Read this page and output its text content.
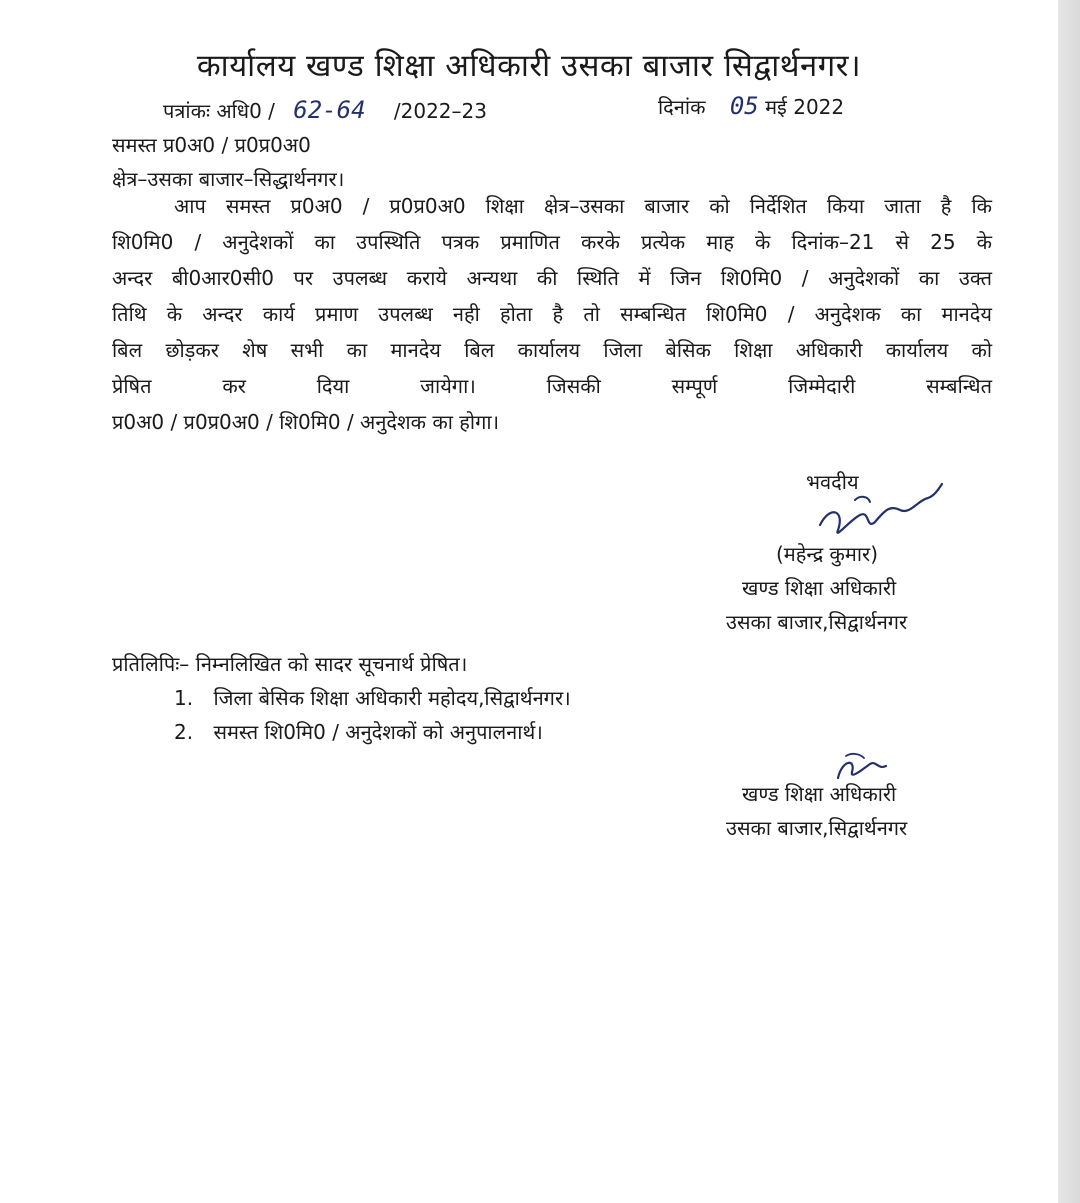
कार्यालय खण्ड शिक्षा अधिकारी उसका बाजार सिद्वार्थनगर।
पत्रांकः अधि0 / 62-64 /2022–23	दिनांक 05 मई 2022
समस्त प्र0अ0 / प्र0प्र0अ0
क्षेत्र–उसका बाजार–सिद्धार्थनगर।
आप समस्त प्र0अ0 / प्र0प्र0अ0 शिक्षा क्षेत्र–उसका बाजार को निर्देशित किया जाता है कि
शि0मि0 / अनुदेशकों का उपस्थिति पत्रक प्रमाणित करके प्रत्येक माह के दिनांक–21 से 25 के
अन्दर बी0आर0सी0 पर उपलब्ध कराये अन्यथा की स्थिति में जिन शि0मि0 / अनुदेशकों का उक्त
तिथि के अन्दर कार्य प्रमाण उपलब्ध नही होता है तो सम्बन्धित शि0मि0 / अनुदेशक का मानदेय
बिल छोड़कर शेष सभी का मानदेय बिल कार्यालय जिला बेसिक शिक्षा अधिकारी कार्यालय को
प्रेषित कर दिया जायेगा। जिसकी सम्पूर्ण जिम्मेदारी सम्बन्धित
प्र0अ0 / प्र0प्र0अ0 / शि0मि0 / अनुदेशक का होगा।
भवदीय
(महेन्द्र कुमार)
खण्ड शिक्षा अधिकारी
उसका बाजार,सिद्वार्थनगर
प्रतिलिपिः– निम्नलिखित को सादर सूचनार्थ प्रेषित।
1. जिला बेसिक शिक्षा अधिकारी महोदय,सिद्वार्थनगर।
2. समस्त शि0मि0 / अनुदेशकों को अनुपालनार्थ।
खण्ड शिक्षा अधिकारी
उसका बाजार,सिद्वार्थनगर
